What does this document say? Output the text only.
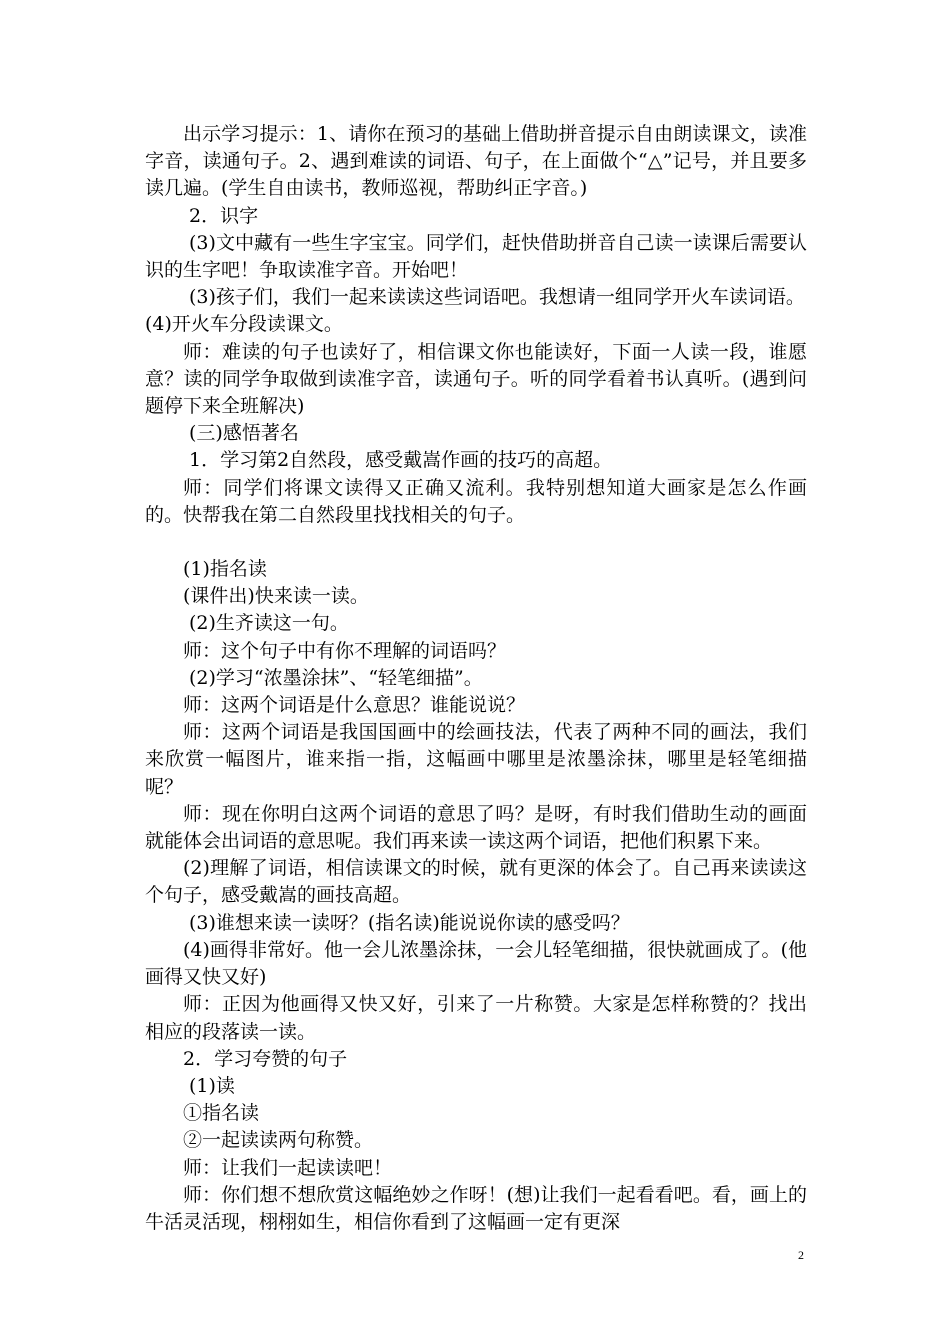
出示学习提示：1、请你在预习的基础上借助拼音提示自由朗读课文，读准字音，读通句子。2、遇到难读的词语、句子，在上面做个“△”记号，并且要多读几遍。(学生自由读书，教师巡视，帮助纠正字音。)

2．识字

(3)文中藏有一些生字宝宝。同学们，赶快借助拼音自己读一读课后需要认识的生字吧！争取读准字音。开始吧！

(3)孩子们，我们一起来读读这些词语吧。我想请一组同学开火车读词语。

(4)开火车分段读课文。

师：难读的句子也读好了，相信课文你也能读好，下面一人读一段，谁愿意？读的同学争取做到读准字音，读通句子。听的同学看着书认真听。(遇到问题停下来全班解决)

(三)感悟著名

1．学习第2自然段，感受戴嵩作画的技巧的高超。

师：同学们将课文读得又正确又流利。我特别想知道大画家是怎么作画的。快帮我在第二自然段里找找相关的句子。

(1)指名读

(课件出)快来读一读。

(2)生齐读这一句。

师：这个句子中有你不理解的词语吗？

(2)学习“浓墨涂抹”、“轻笔细描”。

师：这两个词语是什么意思？谁能说说？

师：这两个词语是我国国画中的绘画技法，代表了两种不同的画法，我们来欣赏一幅图片，谁来指一指，这幅画中哪里是浓墨涂抹，哪里是轻笔细描呢？

师：现在你明白这两个词语的意思了吗？是呀，有时我们借助生动的画面就能体会出词语的意思呢。我们再来读一读这两个词语，把他们积累下来。

(2)理解了词语，相信读课文的时候，就有更深的体会了。自己再来读读这个句子，感受戴嵩的画技高超。

(3)谁想来读一读呀？(指名读)能说说你读的感受吗？

(4)画得非常好。他一会儿浓墨涂抹，一会儿轻笔细描，很快就画成了。(他画得又快又好)

师：正因为他画得又快又好，引来了一片称赞。大家是怎样称赞的？找出相应的段落读一读。

2．学习夸赞的句子

(1)读

①指名读

②一起读读两句称赞。

师：让我们一起读读吧！

师：你们想不想欣赏这幅绝妙之作呀！(想)让我们一起看看吧。看，画上的牛活灵活现，栩栩如生，相信你看到了这幅画一定有更深

2
